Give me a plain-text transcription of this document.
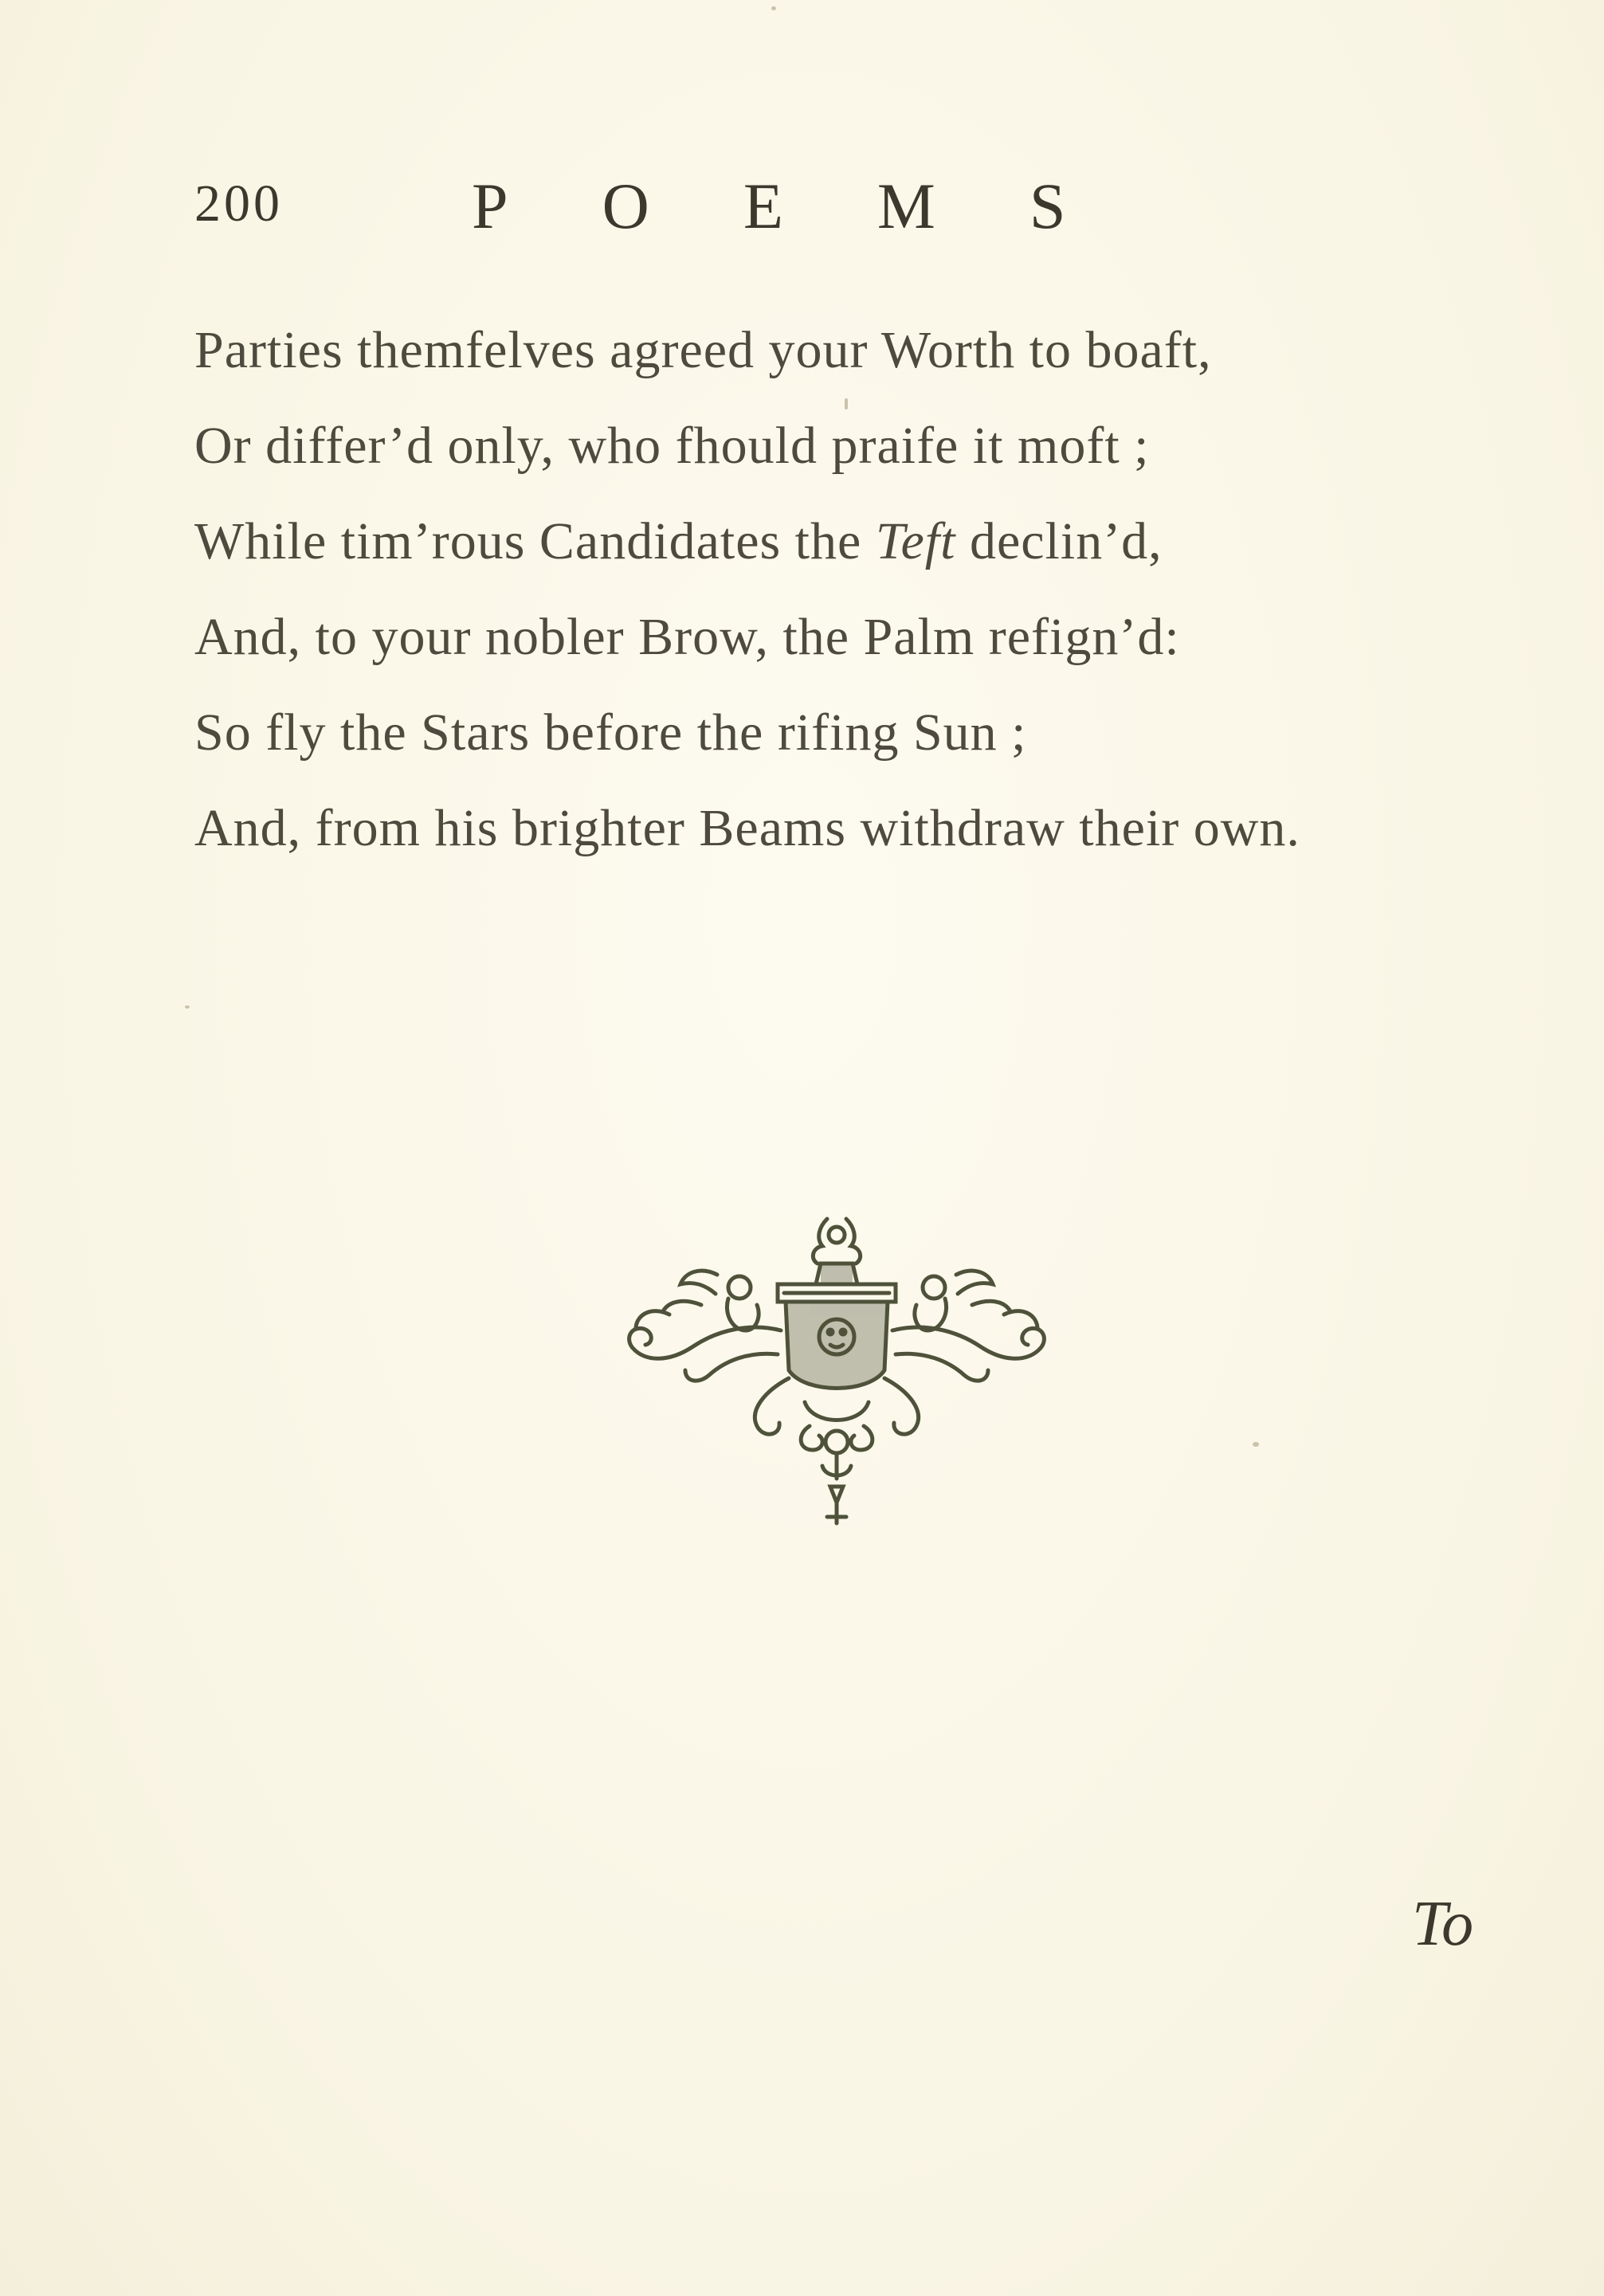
200	POEMS
Parties themfelves agreed your Worth to boaft,
Or differ’d only, who fhould praife it moft ;
While tim’rous Candidates the Teft declin’d,
And, to your nobler Brow, the Palm refign’d:
So fly the Stars before the rifing Sun ;
And, from his brighter Beams withdraw their own.
To
